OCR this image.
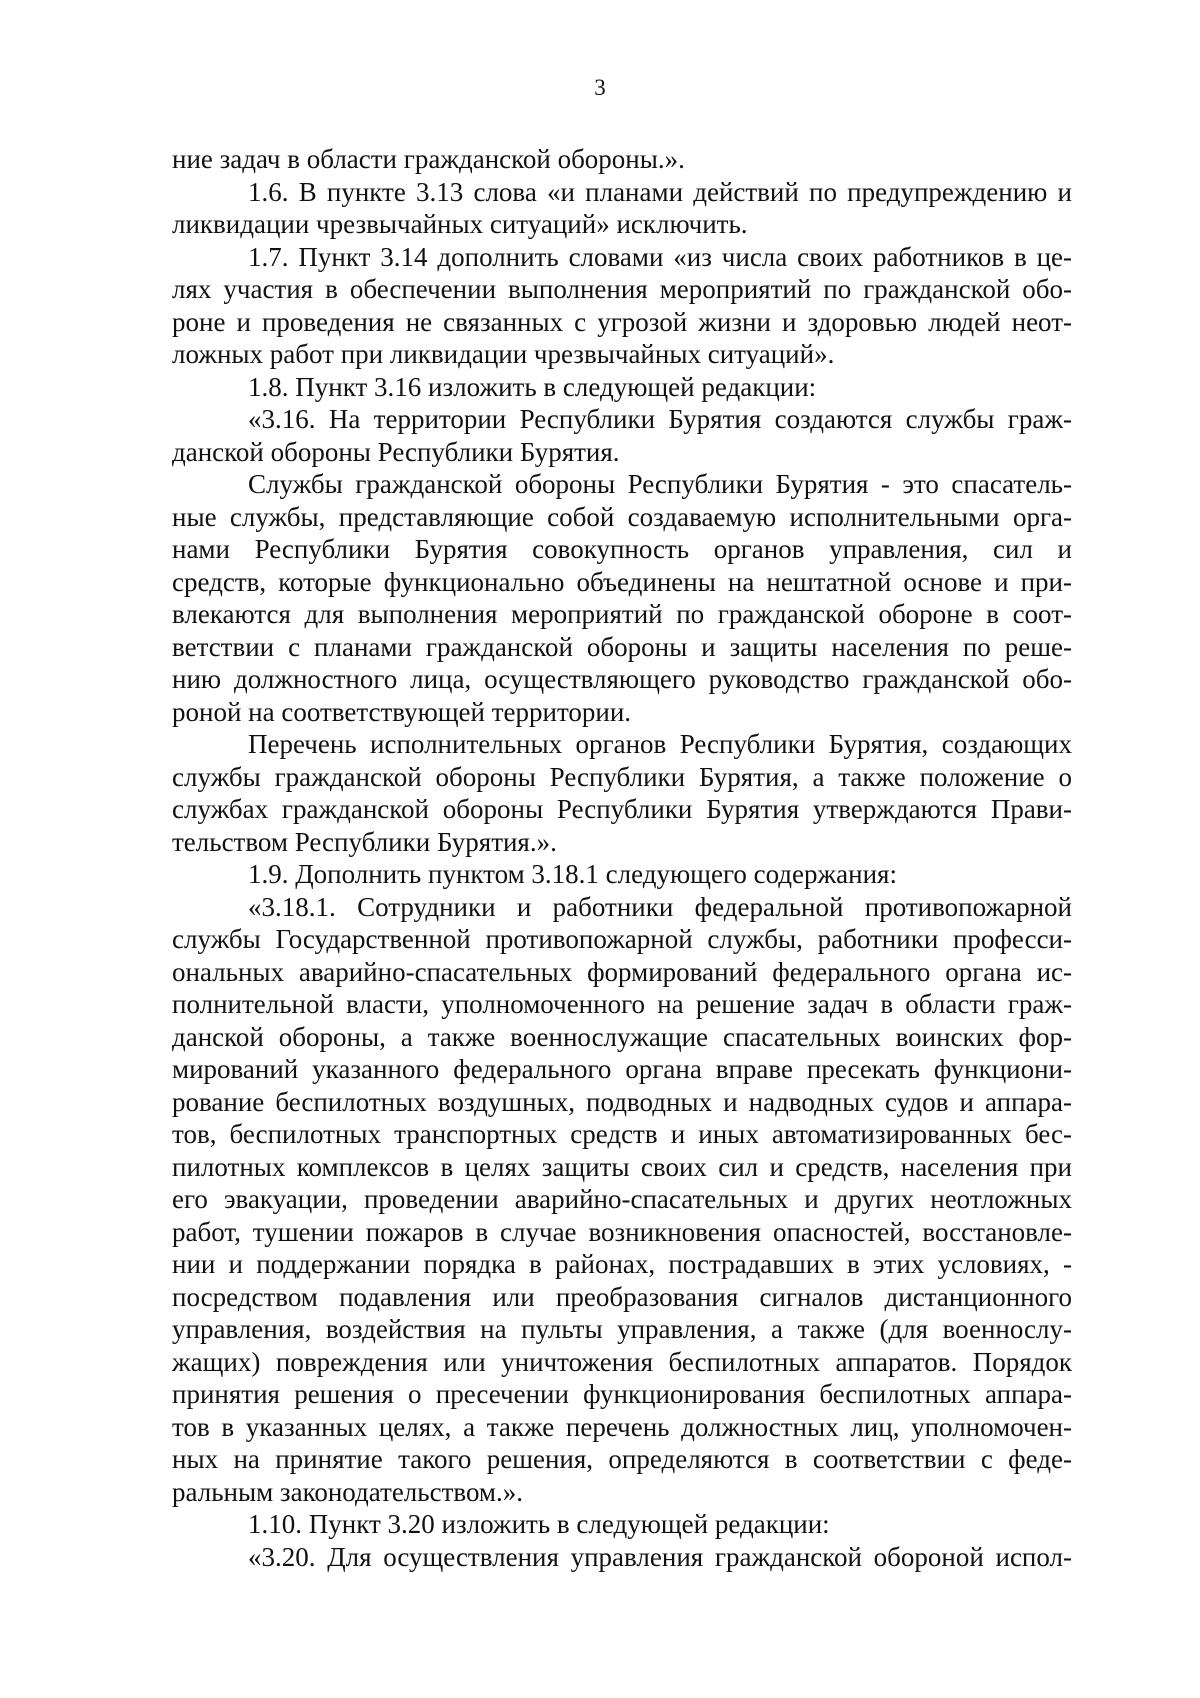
3
ние задач в области гражданской обороны.».
1.6. В пункте 3.13 слова «и планами действий по предупреждению и
ликвидации чрезвычайных ситуаций» исключить.
1.7. Пункт 3.14 дополнить словами «из числа своих работников в це-
лях участия в обеспечении выполнения мероприятий по гражданской обо-
роне и проведения не связанных с угрозой жизни и здоровью людей неот-
ложных работ при ликвидации чрезвычайных ситуаций».
1.8. Пункт 3.16 изложить в следующей редакции:
«3.16. На территории Республики Бурятия создаются службы граж-
данской обороны Республики Бурятия.
Службы гражданской обороны Республики Бурятия - это спасатель-
ные службы, представляющие собой создаваемую исполнительными орга-
нами Республики Бурятия совокупность органов управления, сил и
средств, которые функционально объединены на нештатной основе и при-
влекаются для выполнения мероприятий по гражданской обороне в соот-
ветствии с планами гражданской обороны и защиты населения по реше-
нию должностного лица, осуществляющего руководство гражданской обо-
роной на соответствующей территории.
Перечень исполнительных органов Республики Бурятия, создающих
службы гражданской обороны Республики Бурятия, а также положение о
службах гражданской обороны Республики Бурятия утверждаются Прави-
тельством Республики Бурятия.».
1.9. Дополнить пунктом 3.18.1 следующего содержания:
«3.18.1. Сотрудники и работники федеральной противопожарной
службы Государственной противопожарной службы, работники професси-
ональных аварийно-спасательных формирований федерального органа ис-
полнительной власти, уполномоченного на решение задач в области граж-
данской обороны, а также военнослужащие спасательных воинских фор-
мирований указанного федерального органа вправе пресекать функциони-
рование беспилотных воздушных, подводных и надводных судов и аппара-
тов, беспилотных транспортных средств и иных автоматизированных бес-
пилотных комплексов в целях защиты своих сил и средств, населения при
его эвакуации, проведении аварийно-спасательных и других неотложных
работ, тушении пожаров в случае возникновения опасностей, восстановле-
нии и поддержании порядка в районах, пострадавших в этих условиях, -
посредством подавления или преобразования сигналов дистанционного
управления, воздействия на пульты управления, а также (для военнослу-
жащих) повреждения или уничтожения беспилотных аппаратов. Порядок
принятия решения о пресечении функционирования беспилотных аппара-
тов в указанных целях, а также перечень должностных лиц, уполномочен-
ных на принятие такого решения, определяются в соответствии с феде-
ральным законодательством.».
1.10. Пункт 3.20 изложить в следующей редакции:
«3.20. Для осуществления управления гражданской обороной испол-
